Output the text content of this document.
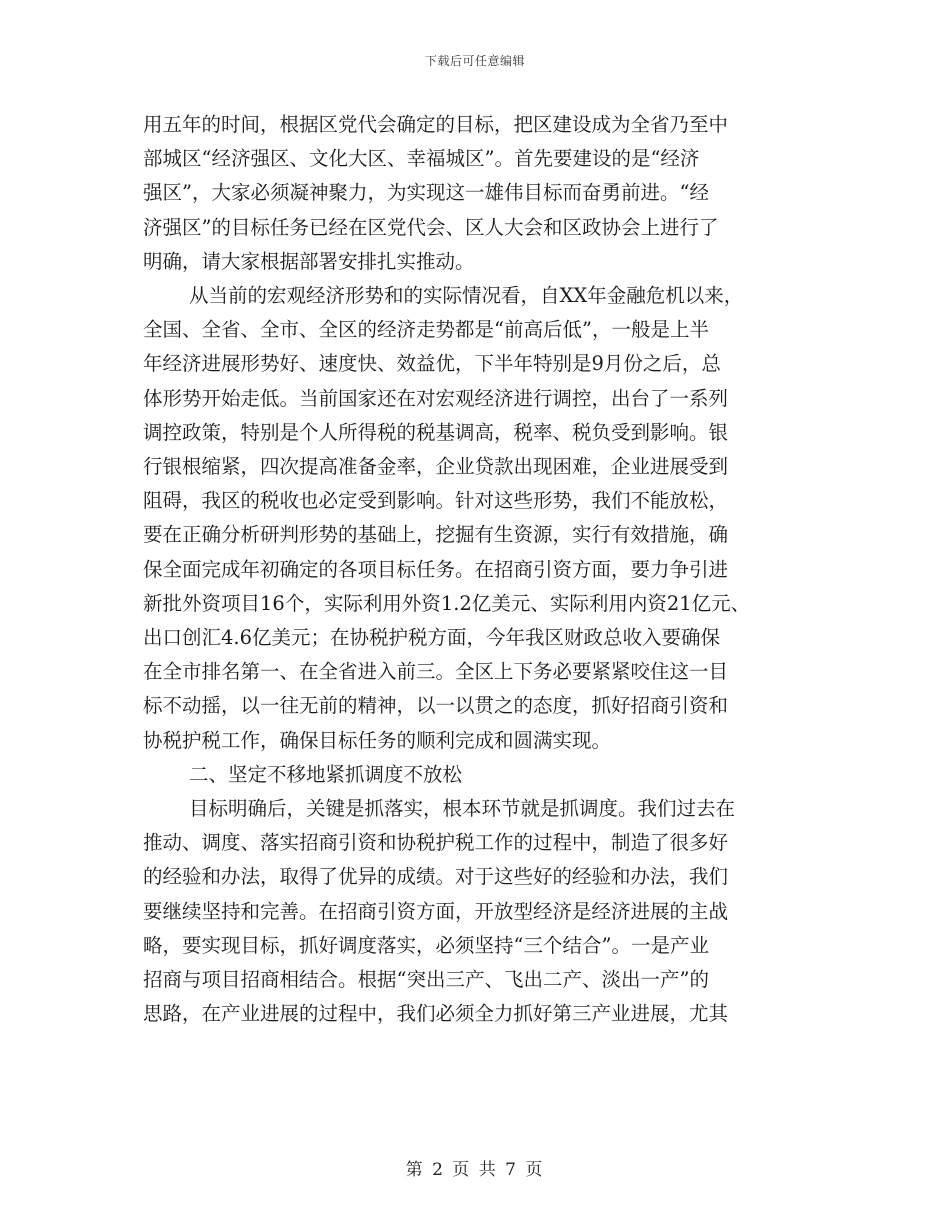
下载后可任意编辑
用五年的时间，根据区党代会确定的目标，把区建设成为全省乃至中
部城区“经济强区、文化大区、幸福城区”。首先要建设的是“经济
强区”，大家必须凝神聚力，为实现这一雄伟目标而奋勇前进。“经
济强区”的目标任务已经在区党代会、区人大会和区政协会上进行了
明确，请大家根据部署安排扎实推动。
从当前的宏观经济形势和的实际情况看，自XX年金融危机以来，
全国、全省、全市、全区的经济走势都是“前高后低”，一般是上半
年经济进展形势好、速度快、效益优，下半年特别是9月份之后，总
体形势开始走低。当前国家还在对宏观经济进行调控，出台了一系列
调控政策，特别是个人所得税的税基调高，税率、税负受到影响。银
行银根缩紧，四次提高准备金率，企业贷款出现困难，企业进展受到
阻碍，我区的税收也必定受到影响。针对这些形势，我们不能放松，
要在正确分析研判形势的基础上，挖掘有生资源，实行有效措施，确
保全面完成年初确定的各项目标任务。在招商引资方面，要力争引进
新批外资项目16个，实际利用外资1.2亿美元、实际利用内资21亿元、
出口创汇4.6亿美元；在协税护税方面，今年我区财政总收入要确保
在全市排名第一、在全省进入前三。全区上下务必要紧紧咬住这一目
标不动摇，以一往无前的精神，以一以贯之的态度，抓好招商引资和
协税护税工作，确保目标任务的顺利完成和圆满实现。
二、坚定不移地紧抓调度不放松
目标明确后，关键是抓落实，根本环节就是抓调度。我们过去在
推动、调度、落实招商引资和协税护税工作的过程中，制造了很多好
的经验和办法，取得了优异的成绩。对于这些好的经验和办法，我们
要继续坚持和完善。在招商引资方面，开放型经济是经济进展的主战
略，要实现目标，抓好调度落实，必须坚持“三个结合”。一是产业
招商与项目招商相结合。根据“突出三产、飞出二产、淡出一产”的
思路，在产业进展的过程中，我们必须全力抓好第三产业进展，尤其
第 2 页 共 7 页
